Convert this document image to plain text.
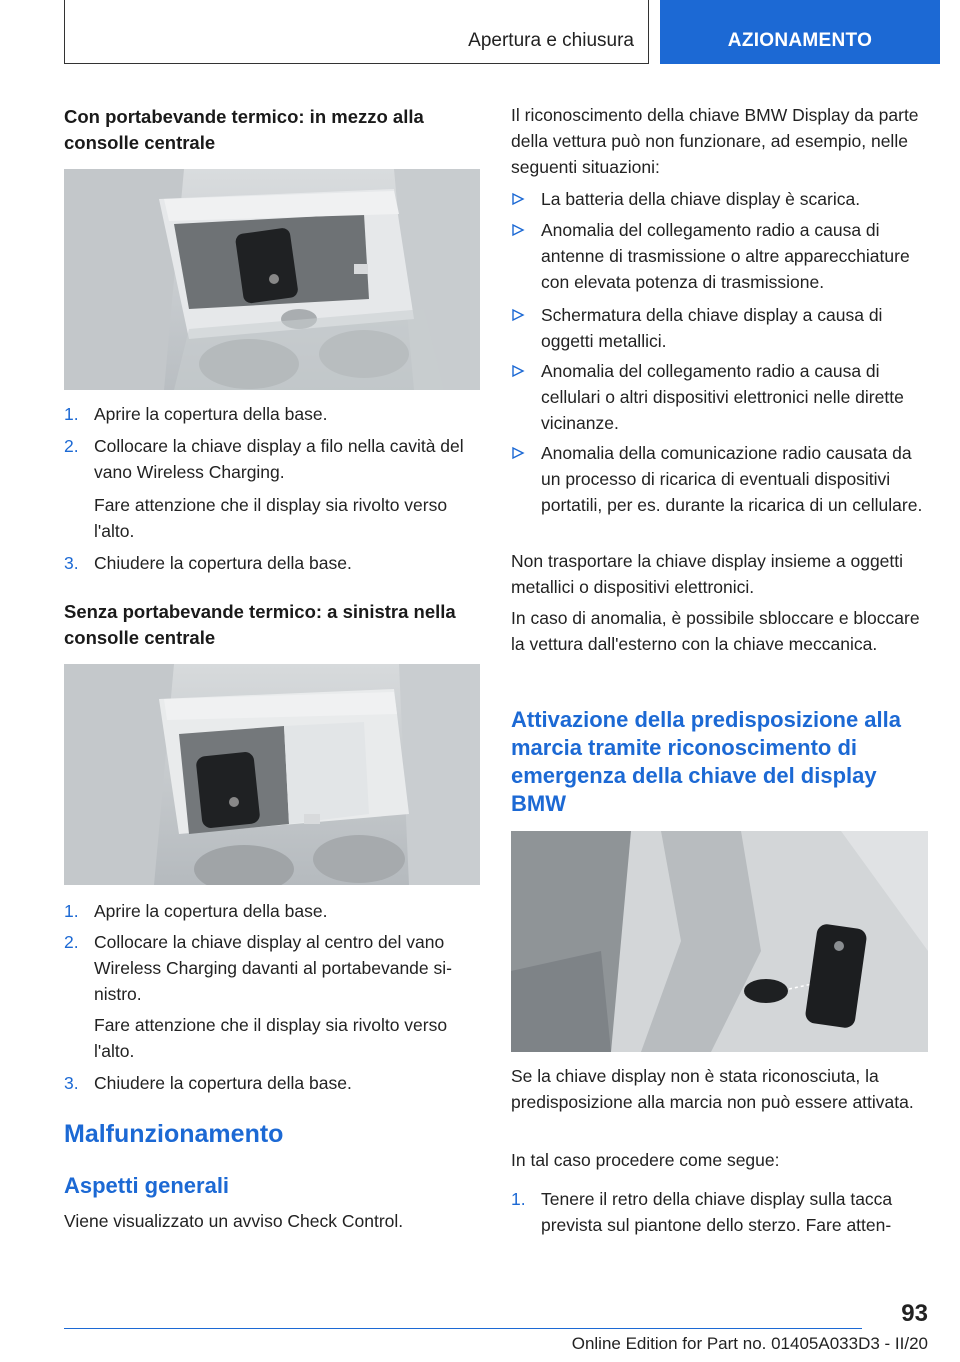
Apertura e chiusura	AZIONAMENTO
Con portabevande termico: in mezzo alla consolle centrale
1. Aprire la copertura della base.
2. Collocare la chiave display a filo nella cavità del vano Wireless Charging.
Fare attenzione che il display sia rivolto verso l'alto.
3. Chiudere la copertura della base.
Senza portabevande termico: a sinistra nella consolle centrale
1. Aprire la copertura della base.
2. Collocare la chiave display al centro del vano Wireless Charging davanti al portabevande sinistro.
Fare attenzione che il display sia rivolto verso l'alto.
3. Chiudere la copertura della base.
Malfunzionamento
Aspetti generali
Viene visualizzato un avviso Check Control.
Il riconoscimento della chiave BMW Display da parte della vettura può non funzionare, ad esempio, nelle seguenti situazioni:
La batteria della chiave display è scarica.
Anomalia del collegamento radio a causa di antenne di trasmissione o altre apparecchiature con elevata potenza di trasmissione.
Schermatura della chiave display a causa di oggetti metallici.
Anomalia del collegamento radio a causa di cellulari o altri dispositivi elettronici nelle dirette vicinanze.
Anomalia della comunicazione radio causata da un processo di ricarica di eventuali dispositivi portatili, per es. durante la ricarica di un cellulare.
Non trasportare la chiave display insieme a oggetti metallici o dispositivi elettronici.
In caso di anomalia, è possibile sbloccare e bloccare la vettura dall'esterno con la chiave meccanica.
Attivazione della predisposizione alla marcia tramite riconoscimento di emergenza della chiave del display BMW
Se la chiave display non è stata riconosciuta, la predisposizione alla marcia non può essere attivata.
In tal caso procedere come segue:
1. Tenere il retro della chiave display sulla tacca prevista sul piantone dello sterzo. Fare atten-
93
Online Edition for Part no. 01405A033D3 - II/20
